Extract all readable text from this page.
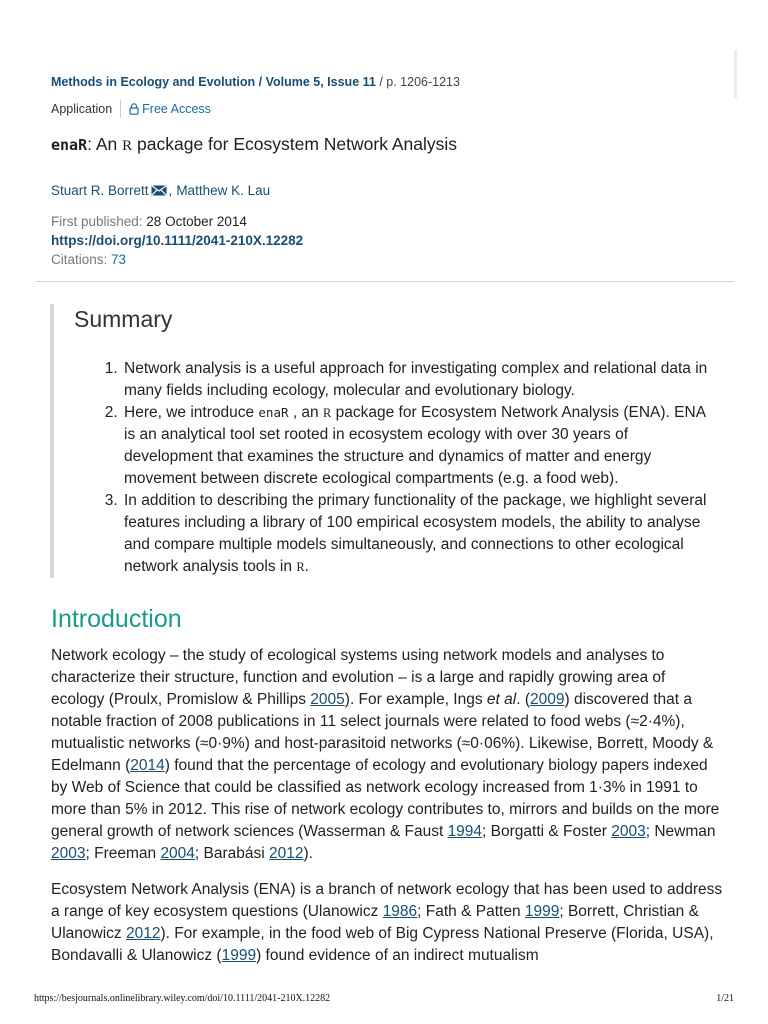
Methods in Ecology and Evolution / Volume 5, Issue 11 / p. 1206-1213
Application Free Access
enaR: An R package for Ecosystem Network Analysis
Stuart R. Borrett , Matthew K. Lau
First published: 28 October 2014
https://doi.org/10.1111/2041-210X.12282
Citations: 73
Summary
1. Network analysis is a useful approach for investigating complex and relational data in many fields including ecology, molecular and evolutionary biology.
2. Here, we introduce enaR , an R package for Ecosystem Network Analysis (ENA). ENA is an analytical tool set rooted in ecosystem ecology with over 30 years of development that examines the structure and dynamics of matter and energy movement between discrete ecological compartments (e.g. a food web).
3. In addition to describing the primary functionality of the package, we highlight several features including a library of 100 empirical ecosystem models, the ability to analyse and compare multiple models simultaneously, and connections to other ecological network analysis tools in R.
Introduction

Network ecology – the study of ecological systems using network models and analyses to characterize their structure, function and evolution – is a large and rapidly growing area of ecology (Proulx, Promislow & Phillips 2005). For example, Ings et al. (2009) discovered that a notable fraction of 2008 publications in 11 select journals were related to food webs (≈2·4%), mutualistic networks (≈0·9%) and host-parasitoid networks (≈0·06%). Likewise, Borrett, Moody & Edelmann (2014) found that the percentage of ecology and evolutionary biology papers indexed by Web of Science that could be classified as network ecology increased from 1·3% in 1991 to more than 5% in 2012. This rise of network ecology contributes to, mirrors and builds on the more general growth of network sciences (Wasserman & Faust 1994; Borgatti & Foster 2003; Newman 2003; Freeman 2004; Barabási 2012).

Ecosystem Network Analysis (ENA) is a branch of network ecology that has been used to address a range of key ecosystem questions (Ulanowicz 1986; Fath & Patten 1999; Borrett, Christian & Ulanowicz 2012). For example, in the food web of Big Cypress National Preserve (Florida, USA), Bondavalli & Ulanowicz (1999) found evidence of an indirect mutualism

https://besjournals.onlinelibrary.wiley.com/doi/10.1111/2041-210X.12282	1/21
